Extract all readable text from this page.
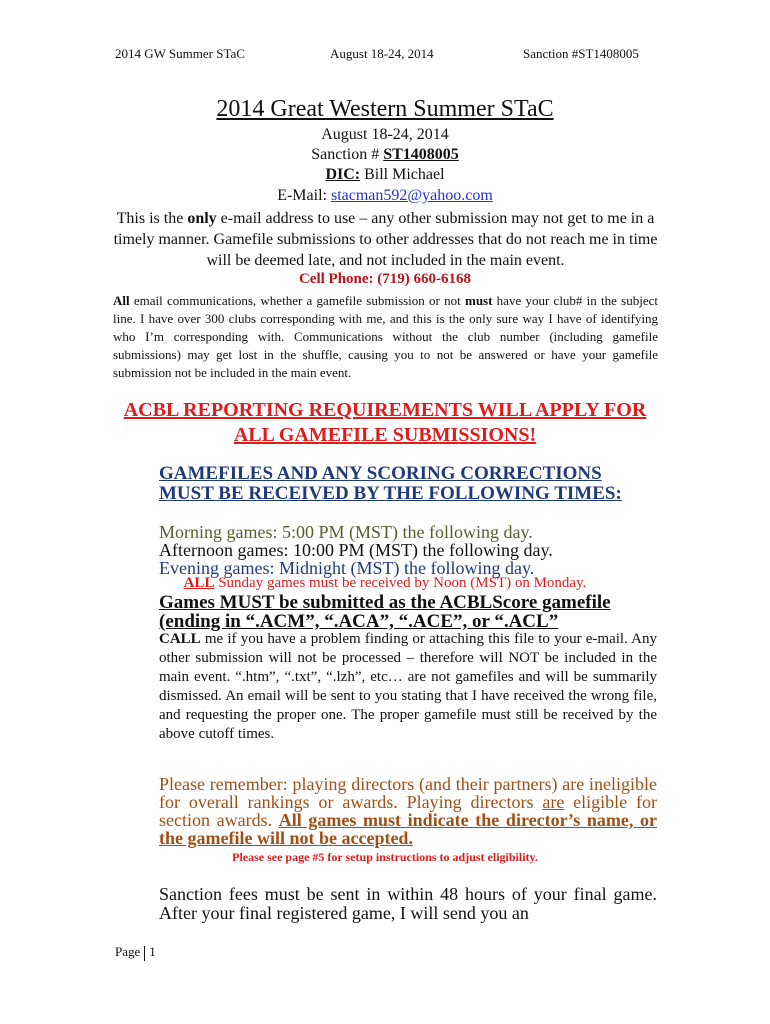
2014 GW Summer STaC	August 18-24, 2014	Sanction #ST1408005
2014 Great Western Summer STaC
August 18-24, 2014
Sanction # ST1408005
DIC: Bill Michael
E-Mail: stacman592@yahoo.com
This is the only e-mail address to use – any other submission may not get to me in a timely manner. Gamefile submissions to other addresses that do not reach me in time will be deemed late, and not included in the main event.
Cell Phone: (719) 660-6168
All email communications, whether a gamefile submission or not must have your club# in the subject line. I have over 300 clubs corresponding with me, and this is the only sure way I have of identifying who I’m corresponding with. Communications without the club number (including gamefile submissions) may get lost in the shuffle, causing you to not be answered or have your gamefile submission not be included in the main event.
ACBL REPORTING REQUIREMENTS WILL APPLY FOR
ALL GAMEFILE SUBMISSIONS!
GAMEFILES AND ANY SCORING CORRECTIONS MUST BE RECEIVED BY THE FOLLOWING TIMES:
Morning games: 5:00 PM (MST) the following day.
Afternoon games: 10:00 PM (MST) the following day.
Evening games: Midnight (MST) the following day.
ALL Sunday games must be received by Noon (MST) on Monday.
Games MUST be submitted as the ACBLScore gamefile (ending in “.ACM”, “.ACA”, “.ACE”, or “.ACL”
CALL me if you have a problem finding or attaching this file to your e-mail. Any other submission will not be processed – therefore will NOT be included in the main event. “.htm”, “.txt”, “.lzh”, etc… are not gamefiles and will be summarily dismissed. An email will be sent to you stating that I have received the wrong file, and requesting the proper one. The proper gamefile must still be received by the above cutoff times.
Please remember: playing directors (and their partners) are ineligible for overall rankings or awards. Playing directors are eligible for section awards. All games must indicate the director’s name, or the gamefile will not be accepted.
Please see page #5 for setup instructions to adjust eligibility.
Sanction fees must be sent in within 48 hours of your final game. After your final registered game, I will send you an
Page 1
